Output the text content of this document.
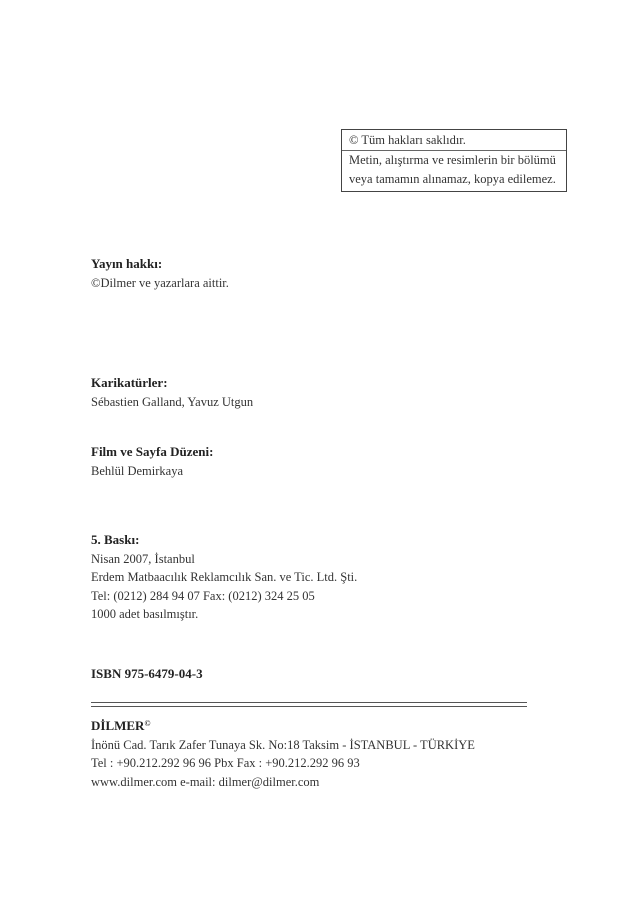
© Tüm hakları saklıdır.
Metin, alıştırma ve resimlerin bir bölümü
veya tamamın alınamaz, kopya edilemez.
Yayın hakkı:
©Dilmer ve yazarlara aittir.
Karikatürler:
Sébastien Galland, Yavuz Utgun
Film ve Sayfa Düzeni:
Behlül Demirkaya
5. Baskı:
Nisan 2007, İstanbul
Erdem Matbaacılık Reklamcılık San. ve Tic. Ltd. Şti.
Tel: (0212) 284 94 07 Fax: (0212) 324 25 05
1000 adet basılmıştır.
ISBN 975-6479-04-3
DİLMER©
İnönü Cad. Tarık Zafer Tunaya Sk. No:18 Taksim - İSTANBUL - TÜRKİYE
Tel : +90.212.292 96 96 Pbx Fax : +90.212.292 96 93
www.dilmer.com e-mail: dilmer@dilmer.com
